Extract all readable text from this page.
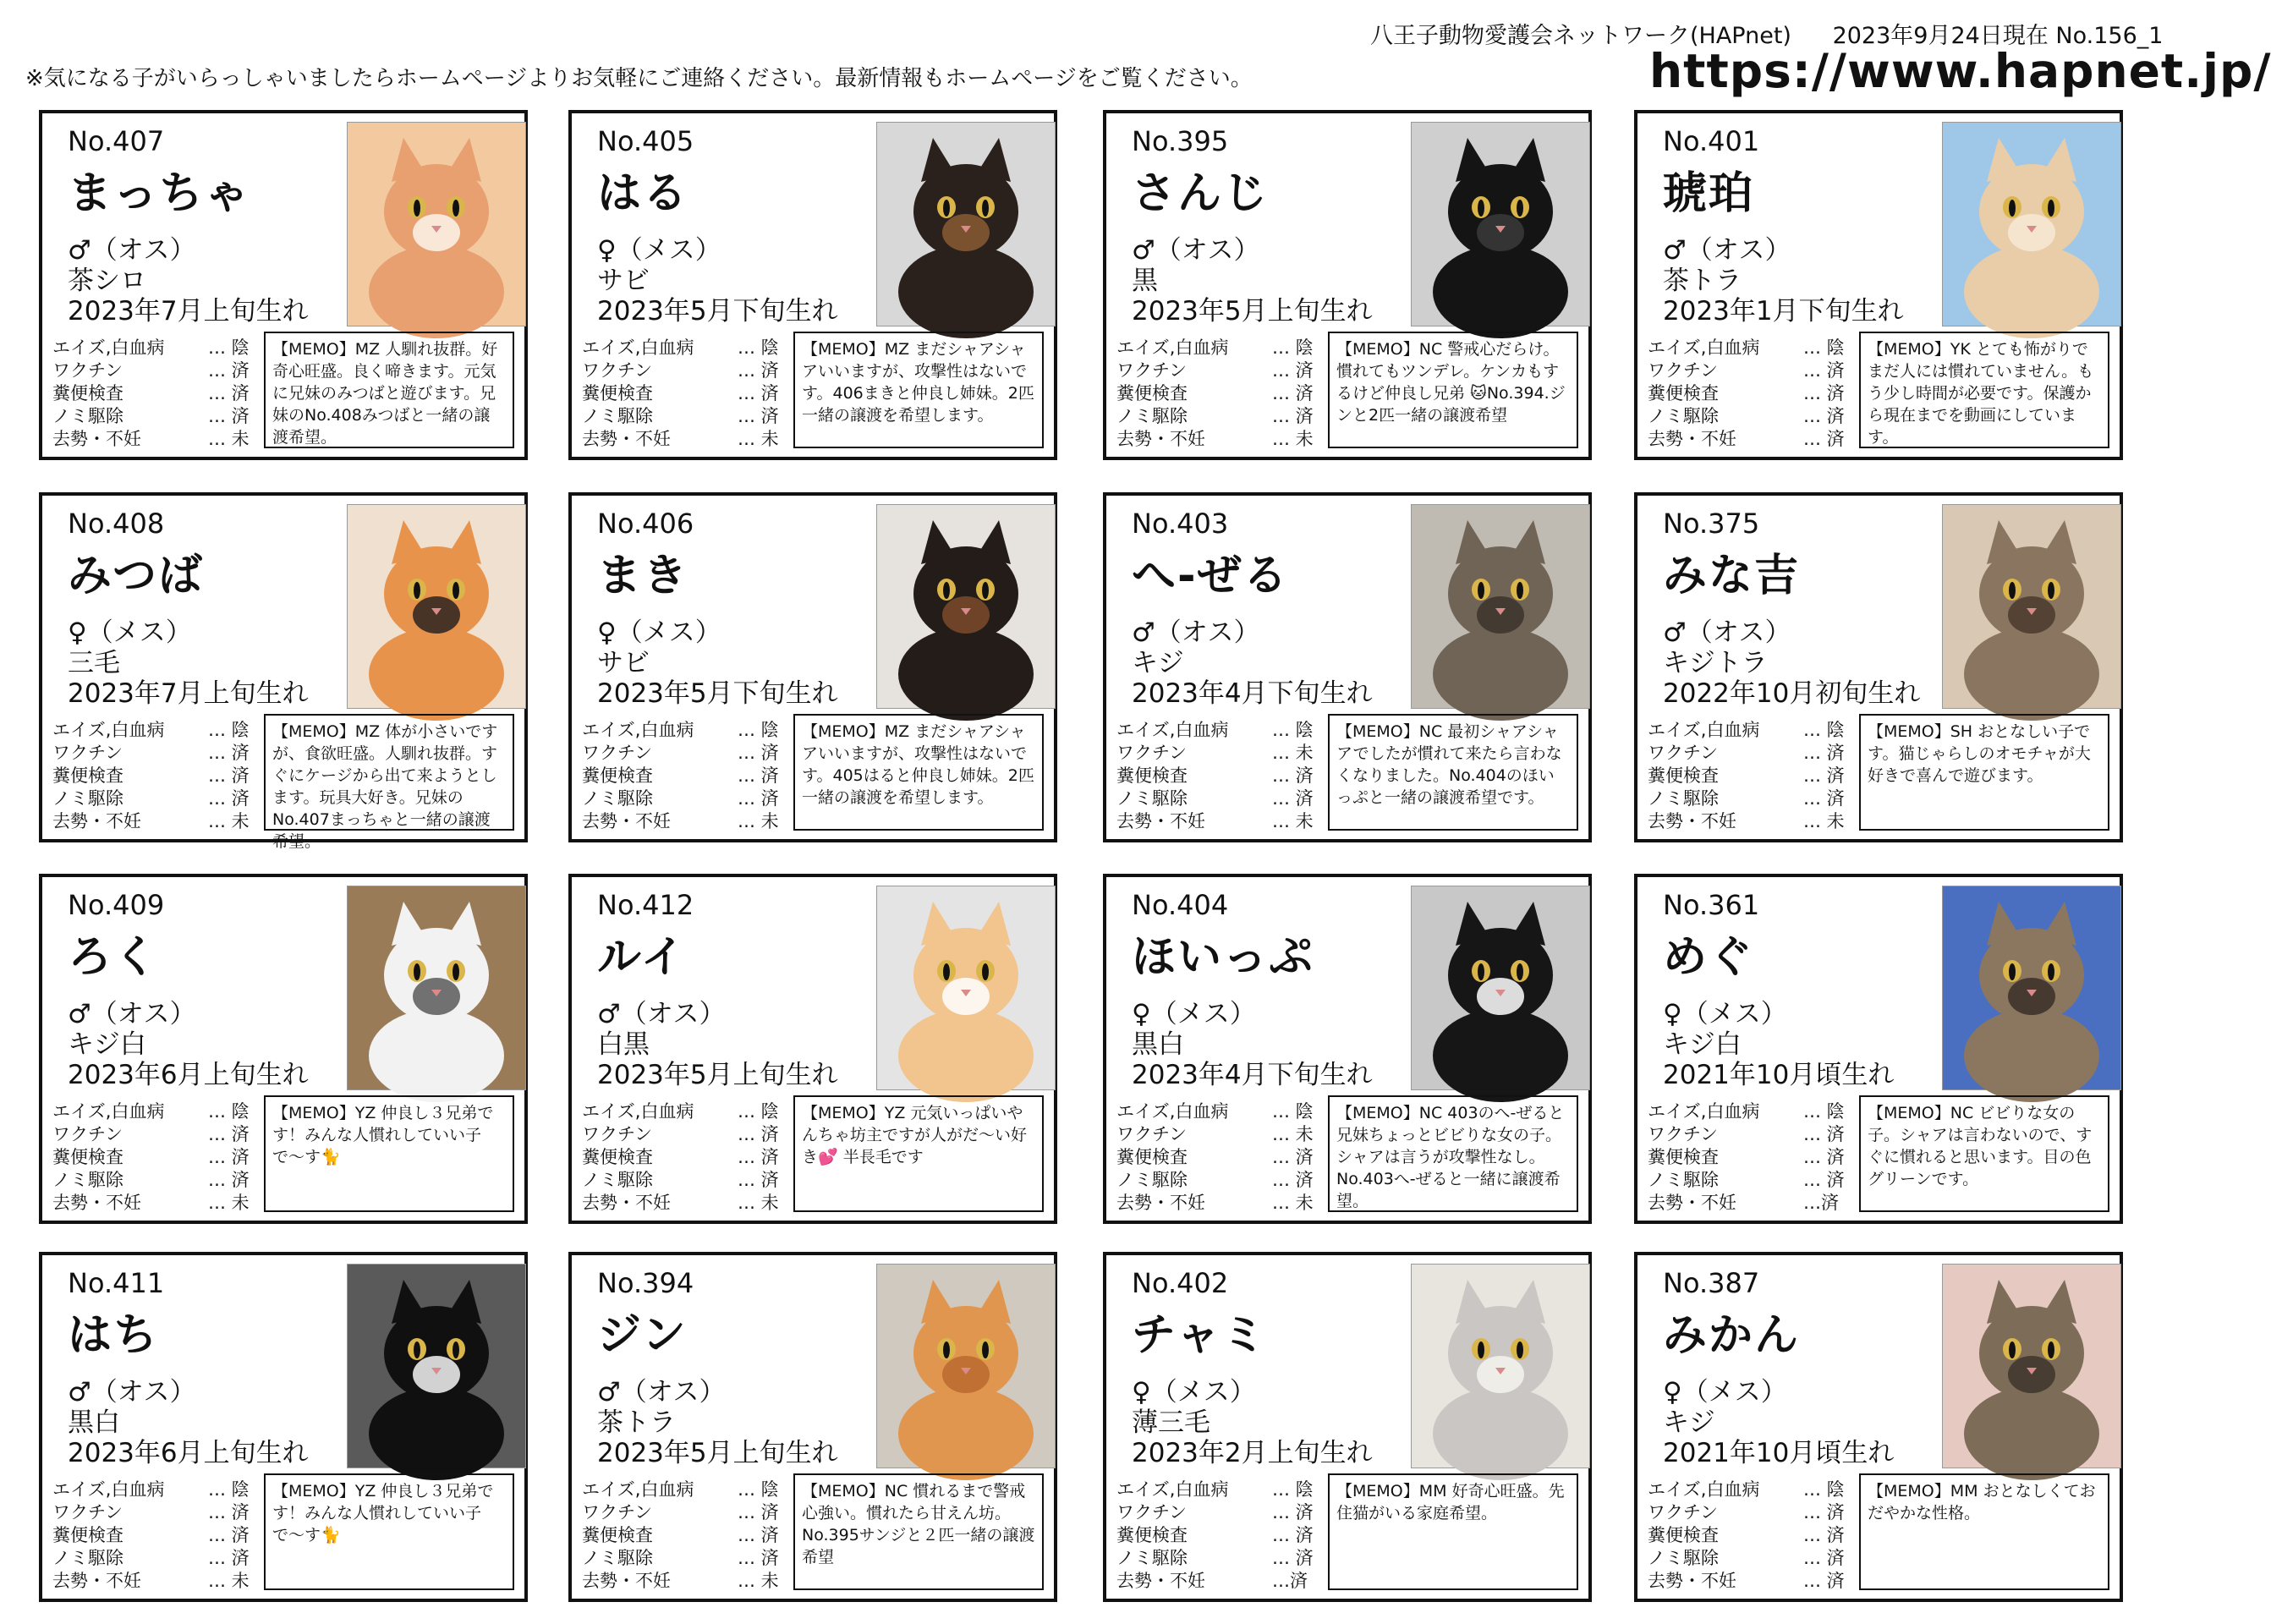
八王子動物愛護会ネットワーク(HAPnet) 2023年9月24日現在 No.156_1
※気になる子がいらっしゃいましたらホームページよりお気軽にご連絡ください。最新情報もホームページをご覧ください。	https://www.hapnet.jp/
No.407
まっちゃ
♂（オス）
茶シロ
2023年7月上旬生れ
エイズ,白血病	… 陰
ワクチン	… 済
糞便検査	… 済
ノミ駆除	… 済
去勢・不妊	… 未
【MEMO】MZ 人馴れ抜群。好奇心旺盛。良く啼きます。元気に兄妹のみつばと遊びます。兄妹のNo.408みつばと一緒の譲渡希望。
No.405
はる
♀（メス）
サビ
2023年5月下旬生れ
エイズ,白血病	… 陰
ワクチン	… 済
糞便検査	… 済
ノミ駆除	… 済
去勢・不妊	… 未
【MEMO】MZ まだシャアシャアいいますが、攻撃性はないです。406まきと仲良し姉妹。2匹一緒の譲渡を希望します。
No.395
さんじ
♂（オス）
黒
2023年5月上旬生れ
エイズ,白血病	… 陰
ワクチン	… 済
糞便検査	… 済
ノミ駆除	… 済
去勢・不妊	… 未
【MEMO】NC 警戒心だらけ。慣れてもツンデレ。ケンカもするけど仲良し兄弟 🐱No.394.ジンと2匹一緒の譲渡希望
No.401
琥珀
♂（オス）
茶トラ
2023年1月下旬生れ
エイズ,白血病	… 陰
ワクチン	… 済
糞便検査	… 済
ノミ駆除	… 済
去勢・不妊	… 済
【MEMO】YK とても怖がりでまだ人には慣れていません。もう少し時間が必要です。保護から現在までを動画にしています。
No.408
みつば
♀（メス）
三毛
2023年7月上旬生れ
エイズ,白血病	… 陰
ワクチン	… 済
糞便検査	… 済
ノミ駆除	… 済
去勢・不妊	… 未
【MEMO】MZ 体が小さいですが、食欲旺盛。人馴れ抜群。すぐにケージから出て来ようとします。玩具大好き。兄妹のNo.407まっちゃと一緒の譲渡希望。
No.406
まき
♀（メス）
サビ
2023年5月下旬生れ
エイズ,白血病	… 陰
ワクチン	… 済
糞便検査	… 済
ノミ駆除	… 済
去勢・不妊	… 未
【MEMO】MZ まだシャアシャアいいますが、攻撃性はないです。405はると仲良し姉妹。2匹一緒の譲渡を希望します。
No.403
へ-ぜる
♂（オス）
キジ
2023年4月下旬生れ
エイズ,白血病	… 陰
ワクチン	… 未
糞便検査	… 済
ノミ駆除	… 済
去勢・不妊	… 未
【MEMO】NC 最初シャアシャアでしたが慣れて来たら言わなくなりました。No.404のほいっぷと一緒の譲渡希望です。
No.375
みな吉
♂（オス）
キジトラ
2022年10月初旬生れ
エイズ,白血病	… 陰
ワクチン	… 済
糞便検査	… 済
ノミ駆除	… 済
去勢・不妊	… 未
【MEMO】SH おとなしい子です。猫じゃらしのオモチャが大好きで喜んで遊びます。
No.409
ろく
♂（オス）
キジ白
2023年6月上旬生れ
エイズ,白血病	… 陰
ワクチン	… 済
糞便検査	… 済
ノミ駆除	… 済
去勢・不妊	… 未
【MEMO】YZ 仲良し３兄弟です！みんな人慣れしていい子で〜す🐈
No.412
ルイ
♂（オス）
白黒
2023年5月上旬生れ
エイズ,白血病	… 陰
ワクチン	… 済
糞便検査	… 済
ノミ駆除	… 済
去勢・不妊	… 未
【MEMO】YZ 元気いっぱいやんちゃ坊主ですが人がだ〜い好き💕 半長毛です
No.404
ほいっぷ
♀（メス）
黒白
2023年4月下旬生れ
エイズ,白血病	… 陰
ワクチン	… 未
糞便検査	… 済
ノミ駆除	… 済
去勢・不妊	… 未
【MEMO】NC 403のへ-ぜると兄妹ちょっとビビりな女の子。シャアは言うが攻撃性なし。No.403へ-ぜると一緒に譲渡希望。
No.361
めぐ
♀（メス）
キジ白
2021年10月頃生れ
エイズ,白血病	… 陰
ワクチン	… 済
糞便検査	… 済
ノミ駆除	… 済
去勢・不妊	…済
【MEMO】NC ビビりな女の子。シャアは言わないので、すぐに慣れると思います。目の色グリーンです。
No.411
はち
♂（オス）
黒白
2023年6月上旬生れ
エイズ,白血病	… 陰
ワクチン	… 済
糞便検査	… 済
ノミ駆除	… 済
去勢・不妊	… 未
【MEMO】YZ 仲良し３兄弟です！みんな人慣れしていい子で〜す🐈
No.394
ジン
♂（オス）
茶トラ
2023年5月上旬生れ
エイズ,白血病	… 陰
ワクチン	… 済
糞便検査	… 済
ノミ駆除	… 済
去勢・不妊	… 未
【MEMO】NC 慣れるまで警戒心強い。慣れたら甘えん坊。No.395サンジと２匹一緒の譲渡希望
No.402
チャミ
♀（メス）
薄三毛
2023年2月上旬生れ
エイズ,白血病	… 陰
ワクチン	… 済
糞便検査	… 済
ノミ駆除	… 済
去勢・不妊	…済
【MEMO】MM 好奇心旺盛。先住猫がいる家庭希望。
No.387
みかん
♀（メス）
キジ
2021年10月頃生れ
エイズ,白血病	… 陰
ワクチン	… 済
糞便検査	… 済
ノミ駆除	… 済
去勢・不妊	… 済
【MEMO】MM おとなしくておだやかな性格。
